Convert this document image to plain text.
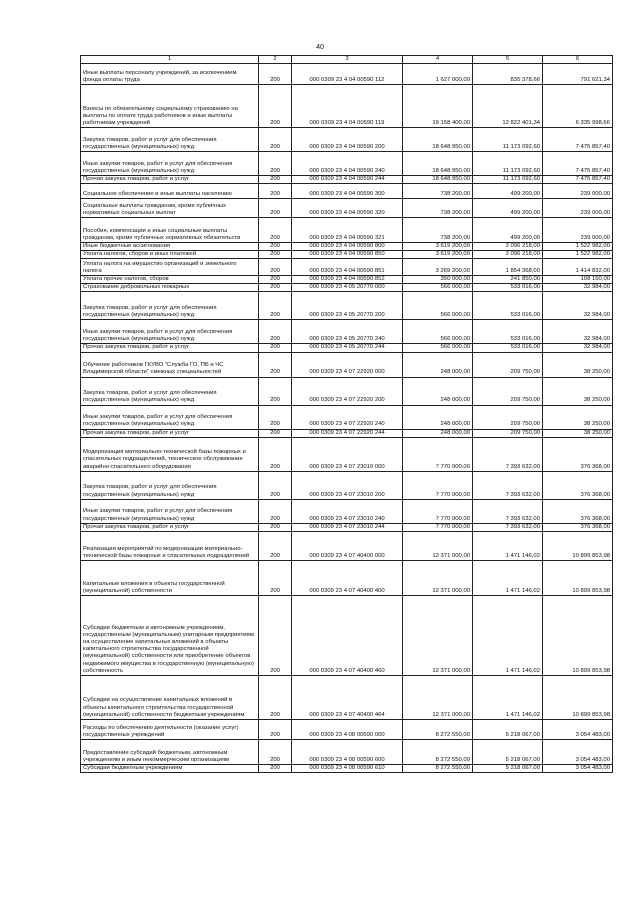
40
1	2	3	4	5	6
Иные выплаты персоналу учреждений, за исключением фонда оплаты труда	200	000 0309 23 4 04 00590 112	1 627 000,00	835 378,66	791 621,34
Взносы по обязательному социальному страхованию на выплаты по оплате труда работников и иные выплаты работникам учреждений	200	000 0309 23 4 04 00590 119	19 158 400,00	12 822 401,34	6 335 998,66
Закупка товаров, работ и услуг для обеспечения государственных (муниципальных) нужд	200	000 0309 23 4 04 00590 200	18 648 950,00	11 173 092,60	7 475 857,40
Иные закупки товаров, работ и услуг для обеспечения государственных (муниципальных) нужд	200	000 0309 23 4 04 00590 240	18 648 950,00	11 173 092,60	7 475 857,40
Прочая закупка товаров, работ и услуг	200	000 0309 23 4 04 00590 244	18 648 950,00	11 173 092,60	7 475 857,40
Социальное обеспечение и иные выплаты населению	200	000 0309 23 4 04 00590 300	738 200,00	499 200,00	239 000,00
Социальные выплаты гражданам, кроме публичных нормативных социальных выплат	200	000 0309 23 4 04 00590 320	738 200,00	499 200,00	239 000,00
Пособия, компенсации и иные социальные выплаты гражданам, кроме публичных нормативных обязательств	200	000 0309 23 4 04 00590 321	738 200,00	499 200,00	239 000,00
Иные бюджетные ассигнования	200	000 0309 23 4 04 00590 800	3 619 200,00	2 096 218,00	1 522 982,00
Уплата налогов, сборов и иных платежей	200	000 0309 23 4 04 00590 850	3 619 200,00	2 096 218,00	1 522 982,00
Уплата налога на имущество организаций и земельного налога	200	000 0309 23 4 04 00590 851	3 269 200,00	1 854 368,00	1 414 832,00
Уплата прочих налогов, сборов	200	000 0309 23 4 04 00590 852	350 000,00	241 850,00	108 150,00
Страхование добровольных пожарных	200	000 0309 23 4 05 20770 000	566 000,00	533 016,00	32 984,00
Закупка товаров, работ и услуг для обеспечения государственных (муниципальных) нужд	200	000 0309 23 4 05 20770 200	566 000,00	533 016,00	32 984,00
Иные закупки товаров, работ и услуг для обеспечения государственных (муниципальных) нужд	200	000 0309 23 4 05 20770 240	566 000,00	533 016,00	32 984,00
Прочая закупка товаров, работ и услуг	200	000 0309 23 4 05 20770 244	566 000,00	533 016,00	32 984,00
Обучение работников ГКУВО "Служба ГО, ПБ и ЧС Владимирской области" смежных специальностей	200	000 0309 23 4 07 22920 000	248 000,00	209 750,00	38 250,00
Закупка товаров, работ и услуг для обеспечения государственных (муниципальных) нужд	200	000 0309 23 4 07 22920 200	248 000,00	209 750,00	38 250,00
Иные закупки товаров, работ и услуг для обеспечения государственных (муниципальных) нужд	200	000 0309 23 4 07 22920 240	248 000,00	209 750,00	38 250,00
Прочая закупка товаров, работ и услуг	200	000 0309 23 4 07 22920 244	248 000,00	209 750,00	38 250,00
Модернизация материально-технической базы пожарных и спасательных подразделений, техническое обслуживание аварийно-спасательного оборудования	200	000 0309 23 4 07 23010 000	7 770 000,00	7 393 632,00	376 368,00
Закупка товаров, работ и услуг для обеспечения государственных (муниципальных) нужд	200	000 0309 23 4 07 23010 200	7 770 000,00	7 393 632,00	376 368,00
Иные закупки товаров, работ и услуг для обеспечения государственных (муниципальных) нужд	200	000 0309 23 4 07 23010 240	7 770 000,00	7 393 632,00	376 368,00
Прочая закупка товаров, работ и услуг	200	000 0309 23 4 07 23010 244	7 770 000,00	7 393 632,00	376 368,00
Реализация мероприятий по модернизации материально-технической базы пожарных и спасательных подразделений	200	000 0309 23 4 07 40400 000	12 371 000,00	1 471 146,02	10 899 853,98
Капитальные вложения в объекты государственной (муниципальной) собственности	200	000 0309 23 4 07 40400 400	12 371 000,00	1 471 146,02	10 899 853,98
Субсидии бюджетным и автономным учреждениям, государственным (муниципальным) унитарным предприятиям на осуществление капитальных вложений в объекты капитального строительства государственной (муниципальной) собственности или приобретение объектов недвижимого имущества в государственную (муниципальную) собственность	200	000 0309 23 4 07 40400 460	12 371 000,00	1 471 146,02	10 899 853,98
Субсидии на осуществление капитальных вложений в объекты капитального строительства государственной (муниципальной) собственности бюджетным учреждениям	200	000 0309 23 4 07 40400 464	12 371 000,00	1 471 146,02	10 899 853,98
Расходы по обеспечению деятельности (оказание услуг) государственных учреждений	200	000 0309 23 4 08 00590 000	8 272 550,00	5 218 067,00	3 054 483,00
Предоставление субсидий бюджетным, автономным учреждениям и иным некоммерческим организациям	200	000 0309 23 4 08 00590 600	8 272 550,00	5 218 067,00	3 054 483,00
Субсидии бюджетным учреждениям	200	000 0309 23 4 08 00590 610	8 272 550,00	5 218 067,00	3 054 483,00
